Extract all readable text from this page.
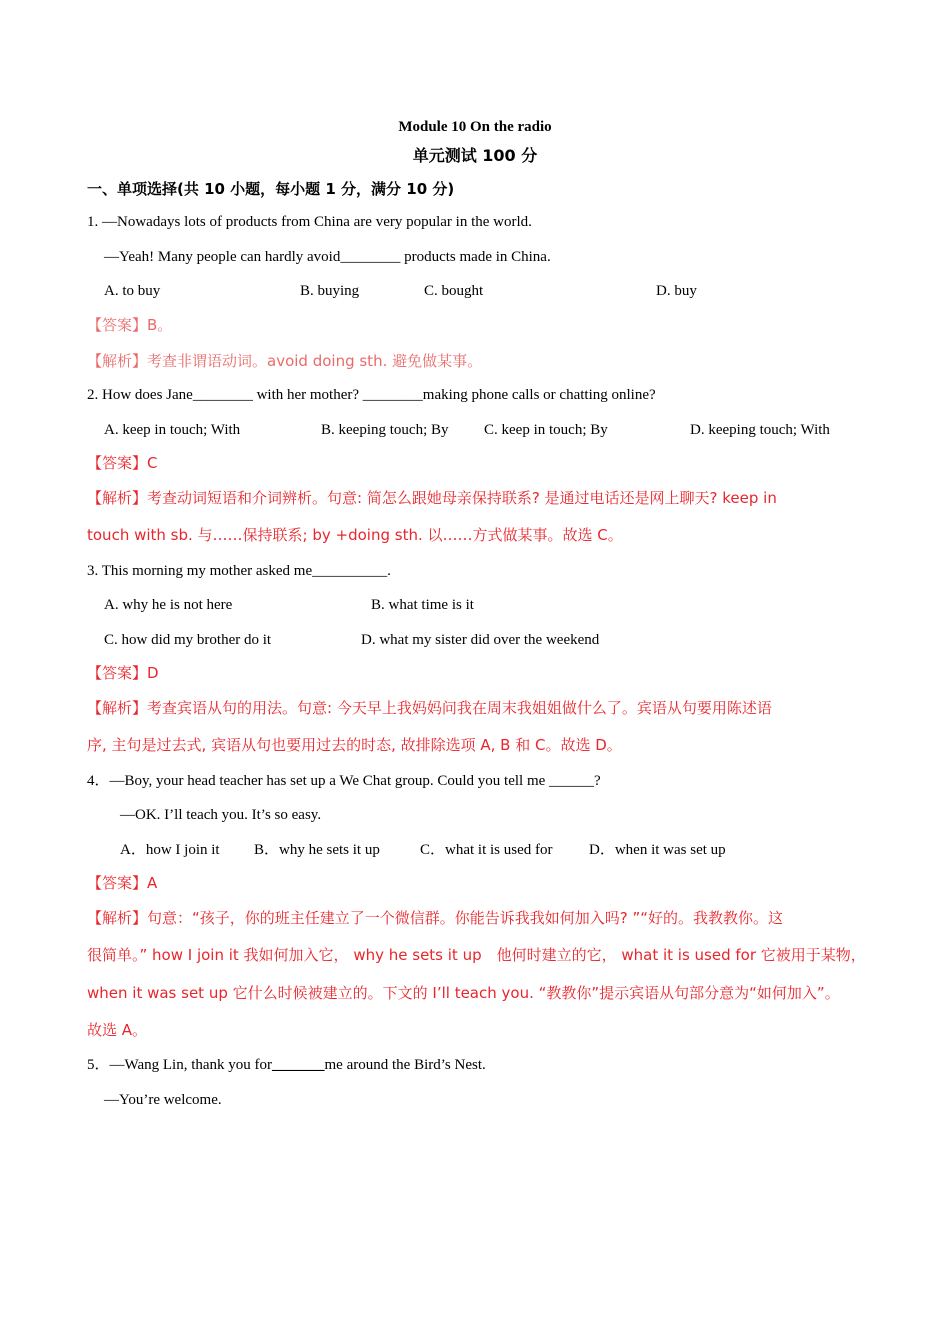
Module 10 On the radio
单元测试 100 分
一、单项选择(共 10 小题，每小题 1 分，满分 10 分)
1. —Nowadays lots of products from China are very popular in the world.
—Yeah! Many people can hardly avoid________ products made in China.
A. to buy	B. buying	C. bought	D. buy
【答案】B。
【解析】考查非谓语动词。avoid doing sth. 避免做某事。
2. How does Jane________ with her mother? ________making phone calls or chatting online?
A. keep in touch; With	B. keeping touch; By C. keep in touch; By	D. keeping touch; With
【答案】C
【解析】考查动词短语和介词辨析。句意: 简怎么跟她母亲保持联系? 是通过电话还是网上聊天? keep in
touch with sb. 与……保持联系; by +doing sth. 以……方式做某事。故选 C。
3. This morning my mother asked me__________.
A. why he is not here	B. what time is it
C. how did my brother do it	D. what my sister did over the weekend
【答案】D
【解析】考查宾语从句的用法。句意: 今天早上我妈妈问我在周末我姐姐做什么了。宾语从句要用陈述语
序, 主句是过去式, 宾语从句也要用过去的时态, 故排除选项 A, B 和 C。故选 D。
4．—Boy, your head teacher has set up a We Chat group. Could you tell me ______?
—OK. I’ll teach you. It’s so easy.
A．how I join it B．why he sets it up	C．what it is used for D．when it was set up
【答案】A
【解析】句意：“孩子，你的班主任建立了一个微信群。你能告诉我我如何加入吗? ”“好的。我教教你。这
很简单。” how I join it 我如何加入它， why he sets it up　他何时建立的它， what it is used for 它被用于某物，
when it was set up 它什么时候被建立的。下文的 I’ll teach you. “教教你”提示宾语从句部分意为“如何加入”。
故选 A。
5．—Wang Lin, thank you for_______me around the Bird’s Nest.
—You’re welcome.
